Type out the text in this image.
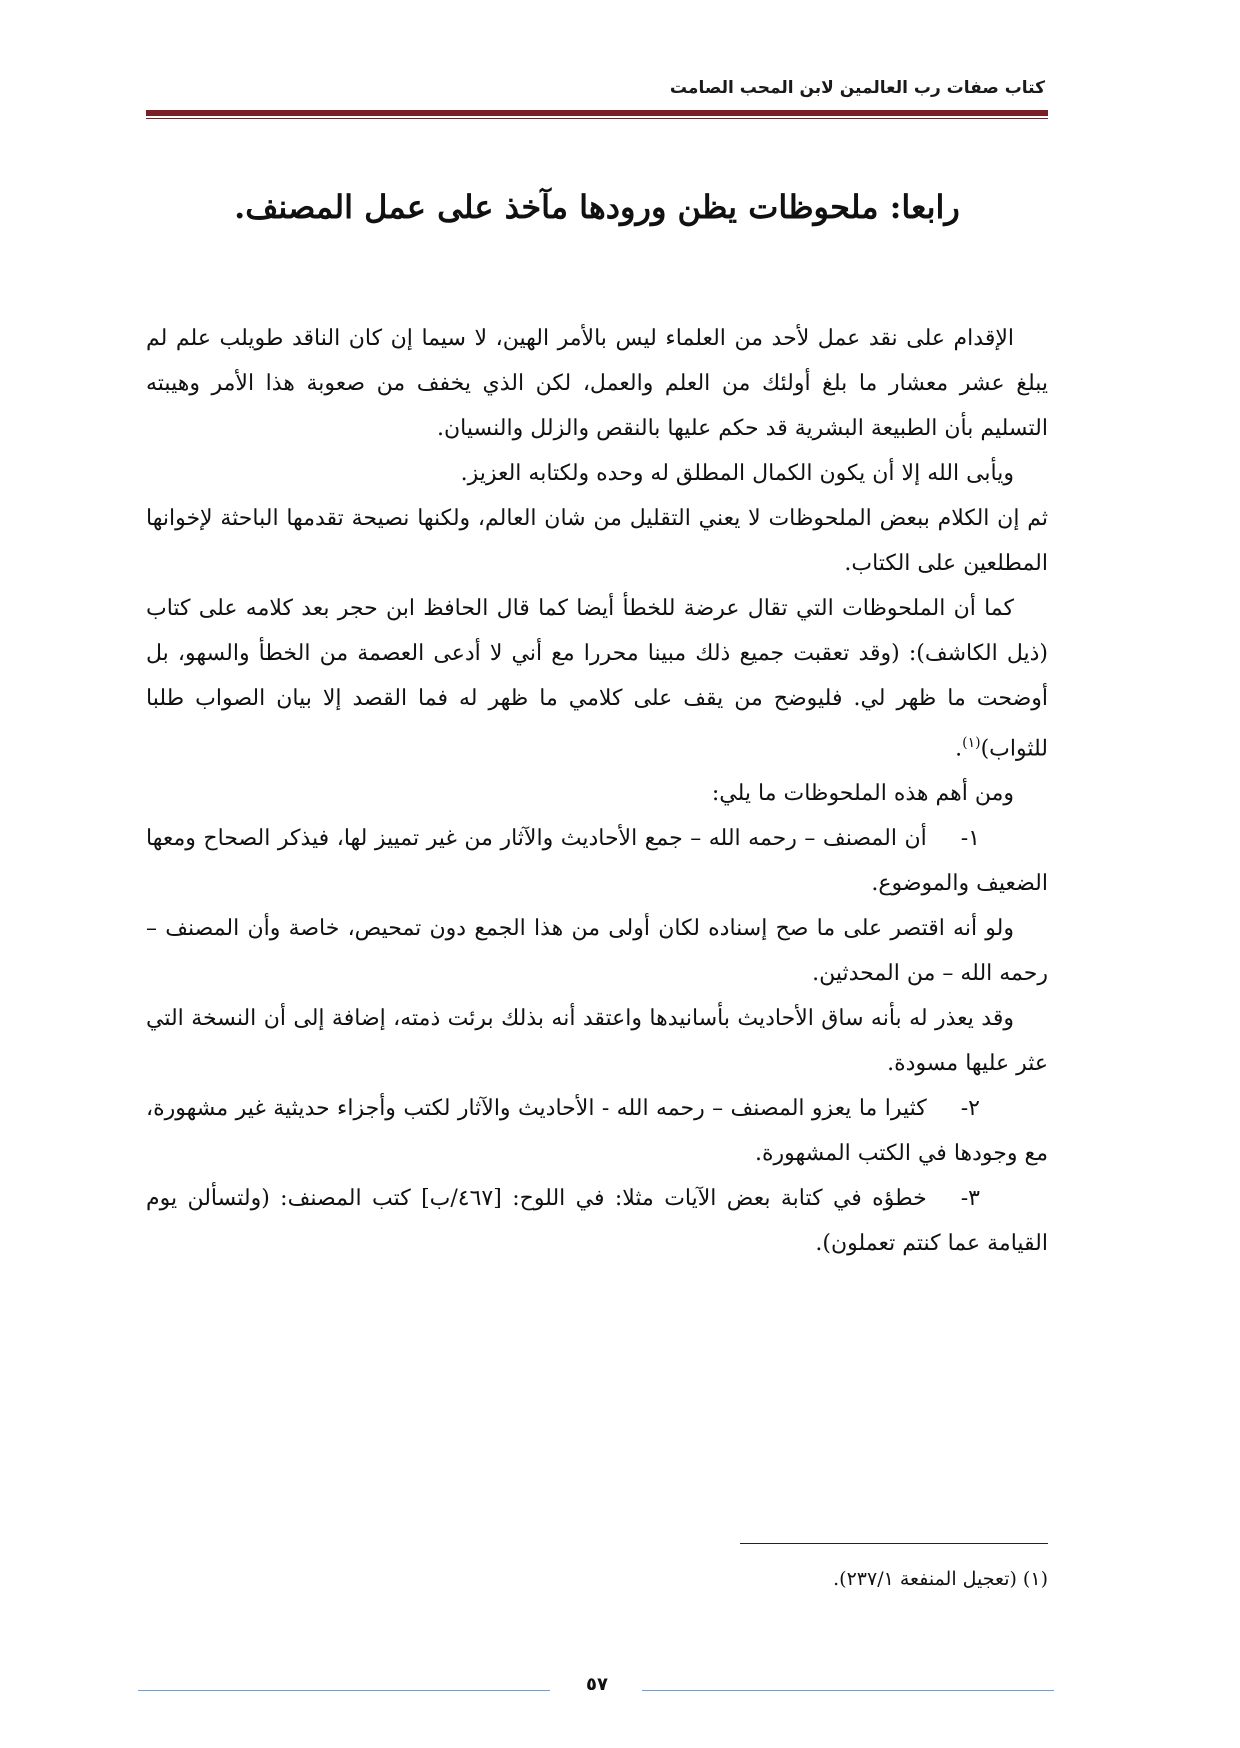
كتاب صفات رب العالمين لابن المحب الصامت
رابعا: ملحوظات يظن ورودها مآخذ على عمل المصنف.

الإقدام على نقد عمل لأحد من العلماء ليس بالأمر الهين، لا سيما إن كان الناقد طويلب علم لم يبلغ عشر معشار ما بلغ أولئك من العلم والعمل، لكن الذي يخفف من صعوبة هذا الأمر وهيبته التسليم بأن الطبيعة البشرية قد حكم عليها بالنقص والزلل والنسيان.

ويأبى الله إلا أن يكون الكمال المطلق له وحده ولكتابه العزيز.

ثم إن الكلام ببعض الملحوظات لا يعني التقليل من شان العالم، ولكنها نصيحة تقدمها الباحثة لإخوانها المطلعين على الكتاب.

كما أن الملحوظات التي تقال عرضة للخطأ أيضا كما قال الحافظ ابن حجر بعد كلامه على كتاب (ذيل الكاشف): (وقد تعقبت جميع ذلك مبينا محررا مع أني لا أدعى العصمة من الخطأ والسهو، بل أوضحت ما ظهر لي. فليوضح من يقف على كلامي ما ظهر له فما القصد إلا بيان الصواب طلبا للثواب)$^{(١)}$.

ومن أهم هذه الملحوظات ما يلي:

١-أن المصنف – رحمه الله – جمع الأحاديث والآثار من غير تمييز لها، فيذكر الصحاح ومعها الضعيف والموضوع.

ولو أنه اقتصر على ما صح إسناده لكان أولى من هذا الجمع دون تمحيص، خاصة وأن المصنف – رحمه الله – من المحدثين.

وقد يعذر له بأنه ساق الأحاديث بأسانيدها واعتقد أنه بذلك برئت ذمته، إضافة إلى أن النسخة التي عثر عليها مسودة.

٢-كثيرا ما يعزو المصنف – رحمه الله - الأحاديث والآثار لكتب وأجزاء حديثية غير مشهورة، مع وجودها في الكتب المشهورة.

٣-خطؤه في كتابة بعض الآيات مثلا: في اللوح: [٤٦٧/ب] كتب المصنف: (ولتسألن يوم القيامة عما كنتم تعملون).

(١) (تعجيل المنفعة ٢٣٧/١).
٥٧
